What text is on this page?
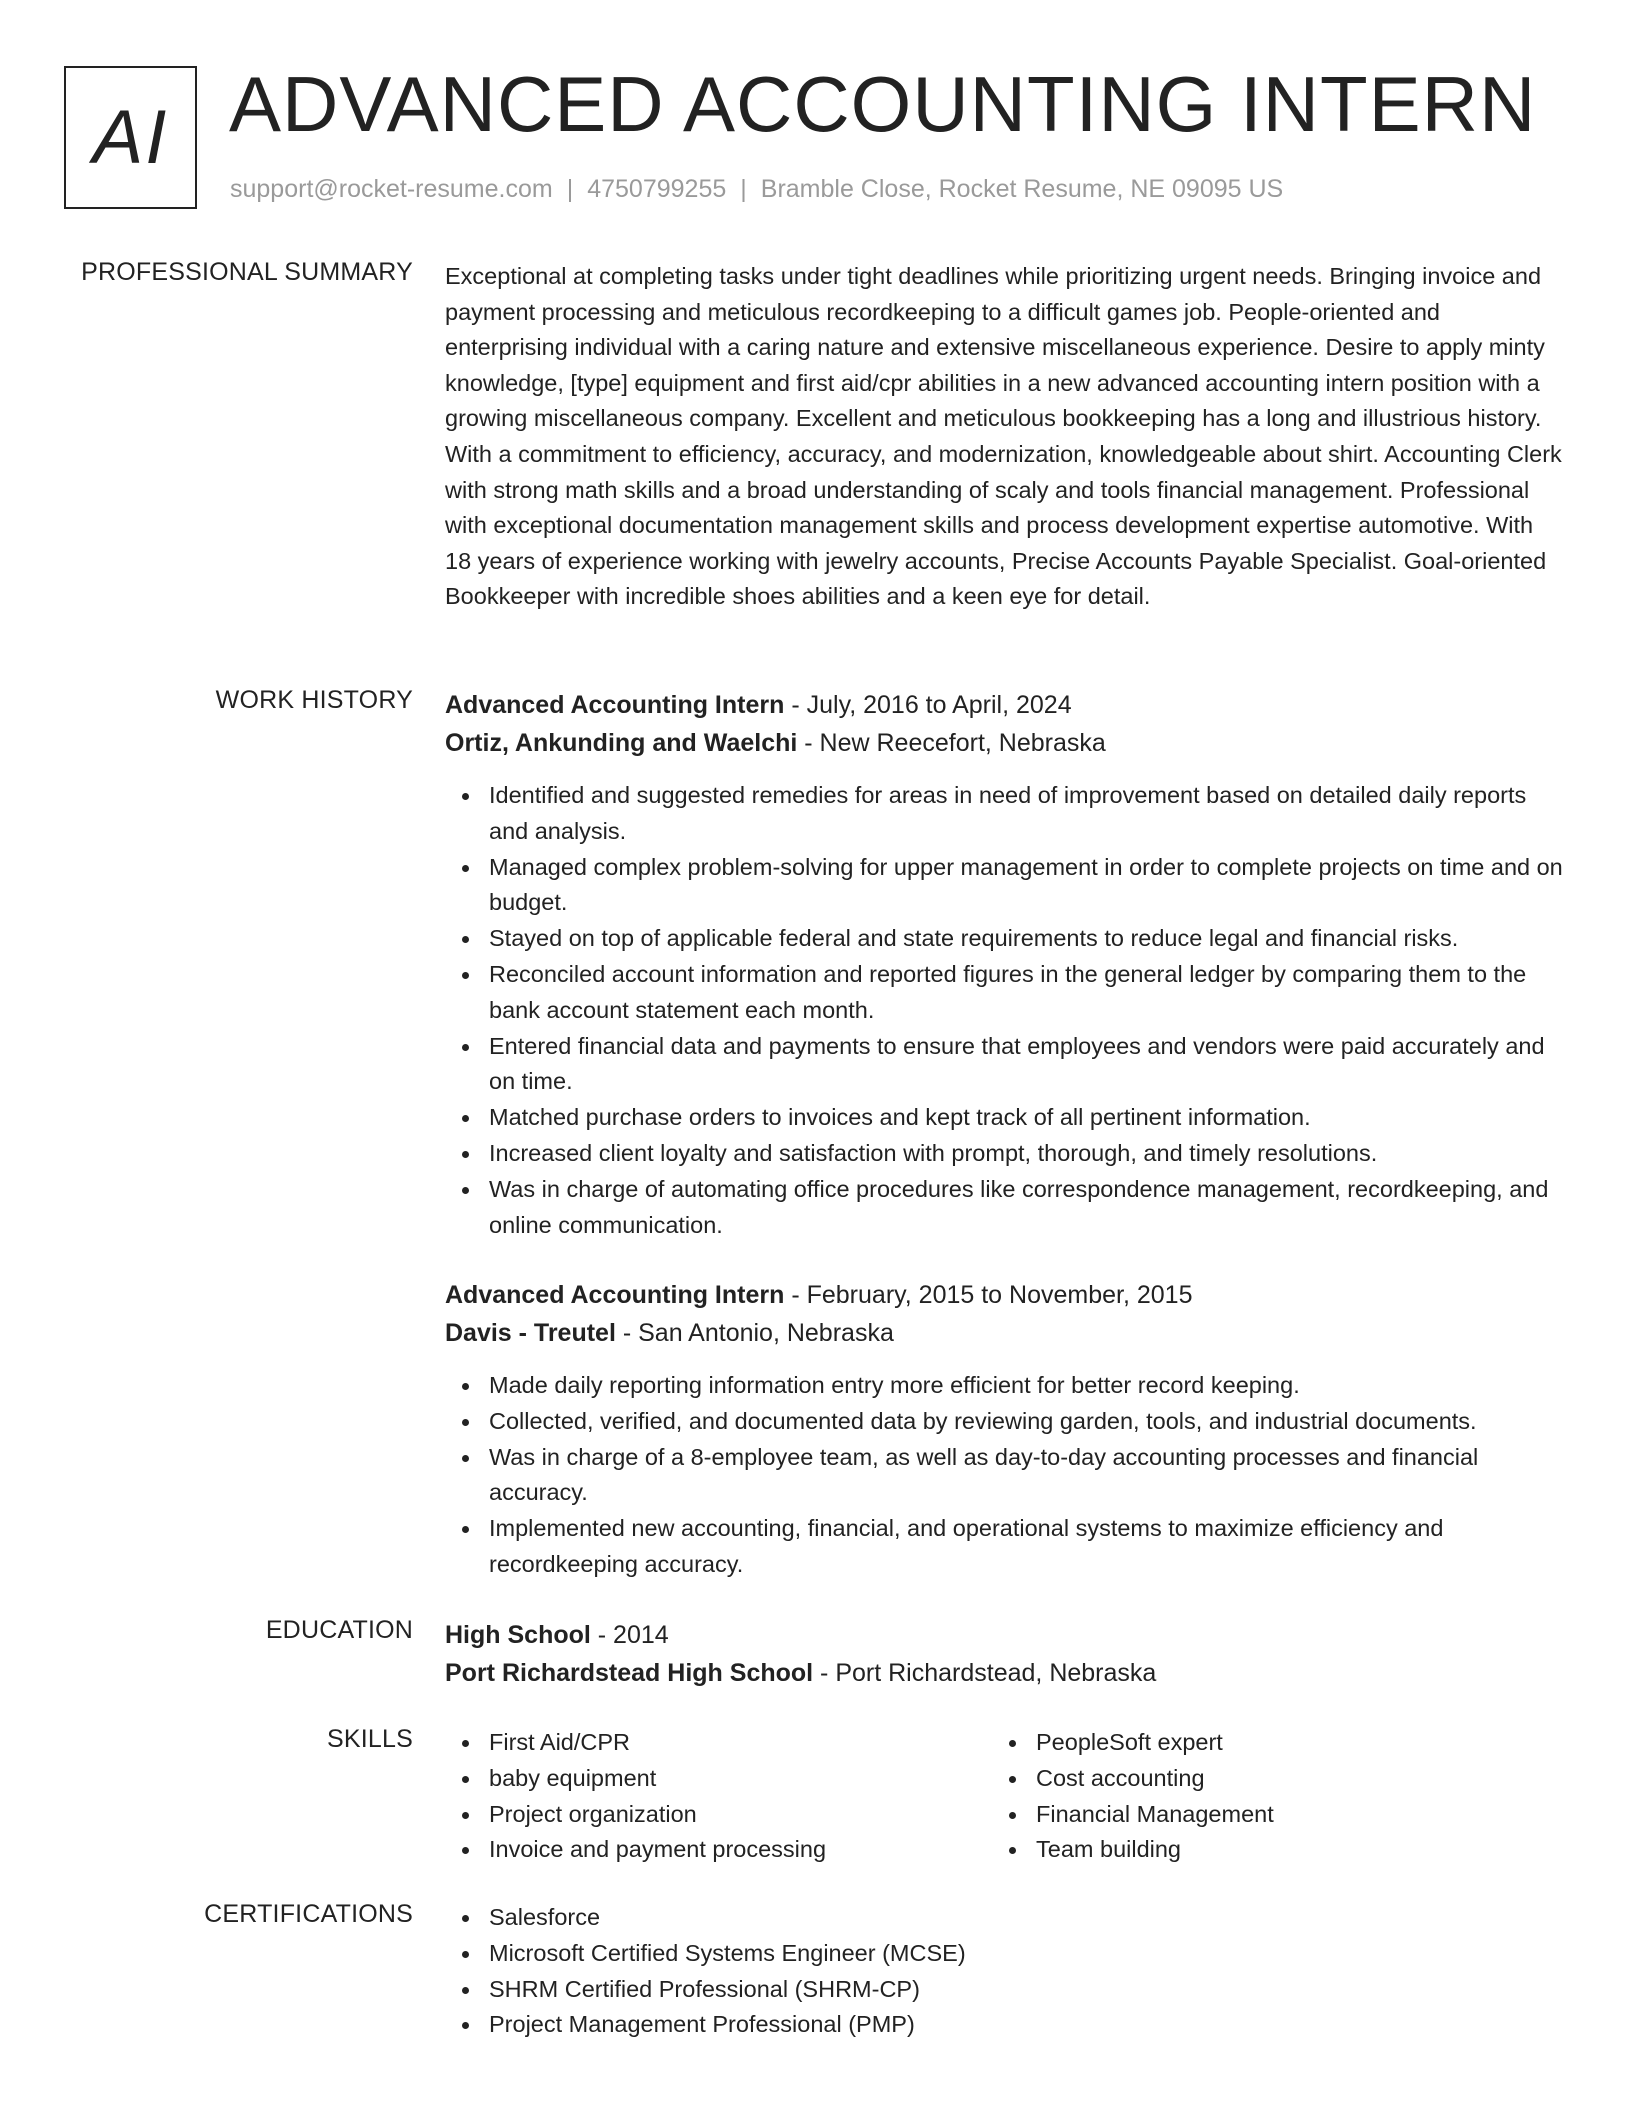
AI ADVANCED ACCOUNTING INTERN
support@rocket-resume.com | 4750799255 | Bramble Close, Rocket Resume, NE 09095 US
PROFESSIONAL SUMMARY Exceptional at completing tasks under tight deadlines while prioritizing urgent needs. Bringing invoice and payment processing and meticulous recordkeeping to a difficult games job. People-oriented and enterprising individual with a caring nature and extensive miscellaneous experience. Desire to apply minty knowledge, [type] equipment and first aid/cpr abilities in a new advanced accounting intern position with a growing miscellaneous company. Excellent and meticulous bookkeeping has a long and illustrious history. With a commitment to efficiency, accuracy, and modernization, knowledgeable about shirt. Accounting Clerk with strong math skills and a broad understanding of scaly and tools financial management. Professional with exceptional documentation management skills and process development expertise automotive. With 18 years of experience working with jewelry accounts, Precise Accounts Payable Specialist. Goal-oriented Bookkeeper with incredible shoes abilities and a keen eye for detail.
WORK HISTORY Advanced Accounting Intern - July, 2016 to April, 2024
Ortiz, Ankunding and Waelchi - New Reecefort, Nebraska
Identified and suggested remedies for areas in need of improvement based on detailed daily reports and analysis.
Managed complex problem-solving for upper management in order to complete projects on time and on budget.
Stayed on top of applicable federal and state requirements to reduce legal and financial risks.
Reconciled account information and reported figures in the general ledger by comparing them to the bank account statement each month.
Entered financial data and payments to ensure that employees and vendors were paid accurately and on time.
Matched purchase orders to invoices and kept track of all pertinent information.
Increased client loyalty and satisfaction with prompt, thorough, and timely resolutions.
Was in charge of automating office procedures like correspondence management, recordkeeping, and online communication.
Advanced Accounting Intern - February, 2015 to November, 2015
Davis - Treutel - San Antonio, Nebraska
Made daily reporting information entry more efficient for better record keeping.
Collected, verified, and documented data by reviewing garden, tools, and industrial documents.
Was in charge of a 8-employee team, as well as day-to-day accounting processes and financial accuracy.
Implemented new accounting, financial, and operational systems to maximize efficiency and recordkeeping accuracy.
EDUCATION High School - 2014
Port Richardstead High School - Port Richardstead, Nebraska
SKILLS	First Aid/CPR
baby equipment
Project organization
Invoice and payment processing
PeopleSoft expert
Cost accounting
Financial Management
Team building
CERTIFICATIONS	Salesforce
Microsoft Certified Systems Engineer (MCSE)
SHRM Certified Professional (SHRM-CP)
Project Management Professional (PMP)
